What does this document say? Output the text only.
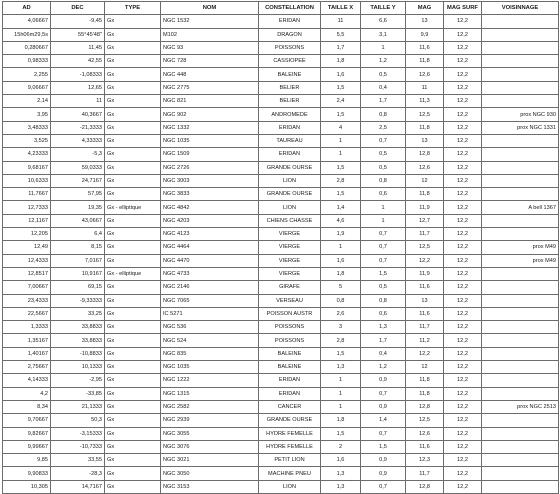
AD	DEC	TYPE	NOM	CONSTELLATION	TAILLE X	TAILLE Y	MAG	MAG SURF	VOISINNAGE
4,06667	-9,45	Gx	NGC 1532	ERIDAN	11	6,6	13	12,2	
15h06m29,5s	55°45'48"	Gx	M102	DRAGON	5,5	3,1	9,9	12,2	
0,280667	11,45	Gx	NGC 93	POISSONS	1,7	1	11,6	12,2	
0,98333	42,55	Gx	NGC 728	CASSIOPEE	1,8	1,2	11,8	12,2	
2,255	-1,08333	Gx	NGC 448	BALEINE	1,6	0,5	12,6	12,2	
9,06667	12,65	Gx	NGC 2775	BELIER	1,5	0,4	11	12,2	
2,14	11	Gx	NGC 821	BELIER	2,4	1,7	11,3	12,2	
3,95	40,3667	Gx	NGC 902	ANDROMEDE	1,5	0,8	12,5	12,2	prox NGC 930
3,48333	-21,3333	Gx	NGC 1332	ERIDAN	4	2,5	11,8	12,2	prox NGC 1331
3,525	4,33333	Gx	NGC 1035	TAUREAU	1	0,7	13	12,2	
4,23333	-5,3	Gx	NGC 1509	ERIDAN	1	0,5	12,8	12,2	
9,68167	59,0333	Gx	NGC 2726	GRANDE OURSE	1,5	0,5	12,6	12,2	
10,6333	24,7167	Gx	NGC 3003	LION	2,8	0,8	12	12,2	
11,7667	57,95	Gx	NGC 3833	GRANDE OURSE	1,5	0,6	11,8	12,2	
12,7333	19,35	Gx - elliptique	NGC 4842	LION	1,4	1	11,9	12,2	A bell 1367
12,1167	43,0667	Gx	NGC 4203	CHIENS CHASSE	4,6	1	12,7	12,2	
12,205	6,4	Gx	NGC 4123	VIERGE	1,9	0,7	11,7	12,2	
12,49	8,15	Gx	NGC 4464	VIERGE	1	0,7	12,5	12,2	prox M49
12,4333	7,0167	Gx	NGC 4470	VIERGE	1,6	0,7	12,2	12,2	prox M49
12,8517	10,9167	Gx - elliptique	NGC 4733	VIERGE	1,8	1,5	11,9	12,2	
7,00667	69,15	Gx	NGC 2146	GIRAFE	5	0,5	11,6	12,2	
23,4333	-9,33333	Gx	NGC 7065	VERSEAU	0,8	0,8	13	12,2	
22,5667	33,25	Gx	IC 5271	POISSON AUSTR	2,6	0,6	11,6	12,2	
1,3333	33,8833	Gx	NGC 536	POISSONS	3	1,3	11,7	12,2	
1,35167	33,8833	Gx	NGC 524	POISSONS	2,8	1,7	11,2	12,2	
1,40167	-10,8833	Gx	NGC 835	BALEINE	1,5	0,4	12,2	12,2	
2,75667	10,1333	Gx	NGC 1035	BALEINE	1,3	1,2	12	12,2	
4,14333	-2,95	Gx	NGC 1222	ERIDAN	1	0,9	11,8	12,2	
4,2	-33,85	Gx	NGC 1315	ERIDAN	1	0,7	11,8	12,2	
8,34	21,1333	Gx	NGC 2582	CANCER	1	0,9	12,8	12,2	prox NGC 2513
9,70667	50,3	Gx	NGC 2939	GRANDE OURSE	1,8	1,4	12,5	12,2	
9,82667	-3,15333	Gx	NGC 3055	HYDRE FEMELLE	1,5	0,7	12,6	12,2	
9,99667	-10,7333	Gx	NGC 3076	HYDRE FEMELLE	2	1,5	11,6	12,2	
9,85	33,55	Gx	NGC 3021	PETIT LION	1,6	0,9	12,3	12,2	
9,90833	-28,3	Gx	NGC 3050	MACHINE PNEU	1,3	0,9	11,7	12,2	
10,305	14,7167	Gx	NGC 3153	LION	1,3	0,7	12,8	12,2	
